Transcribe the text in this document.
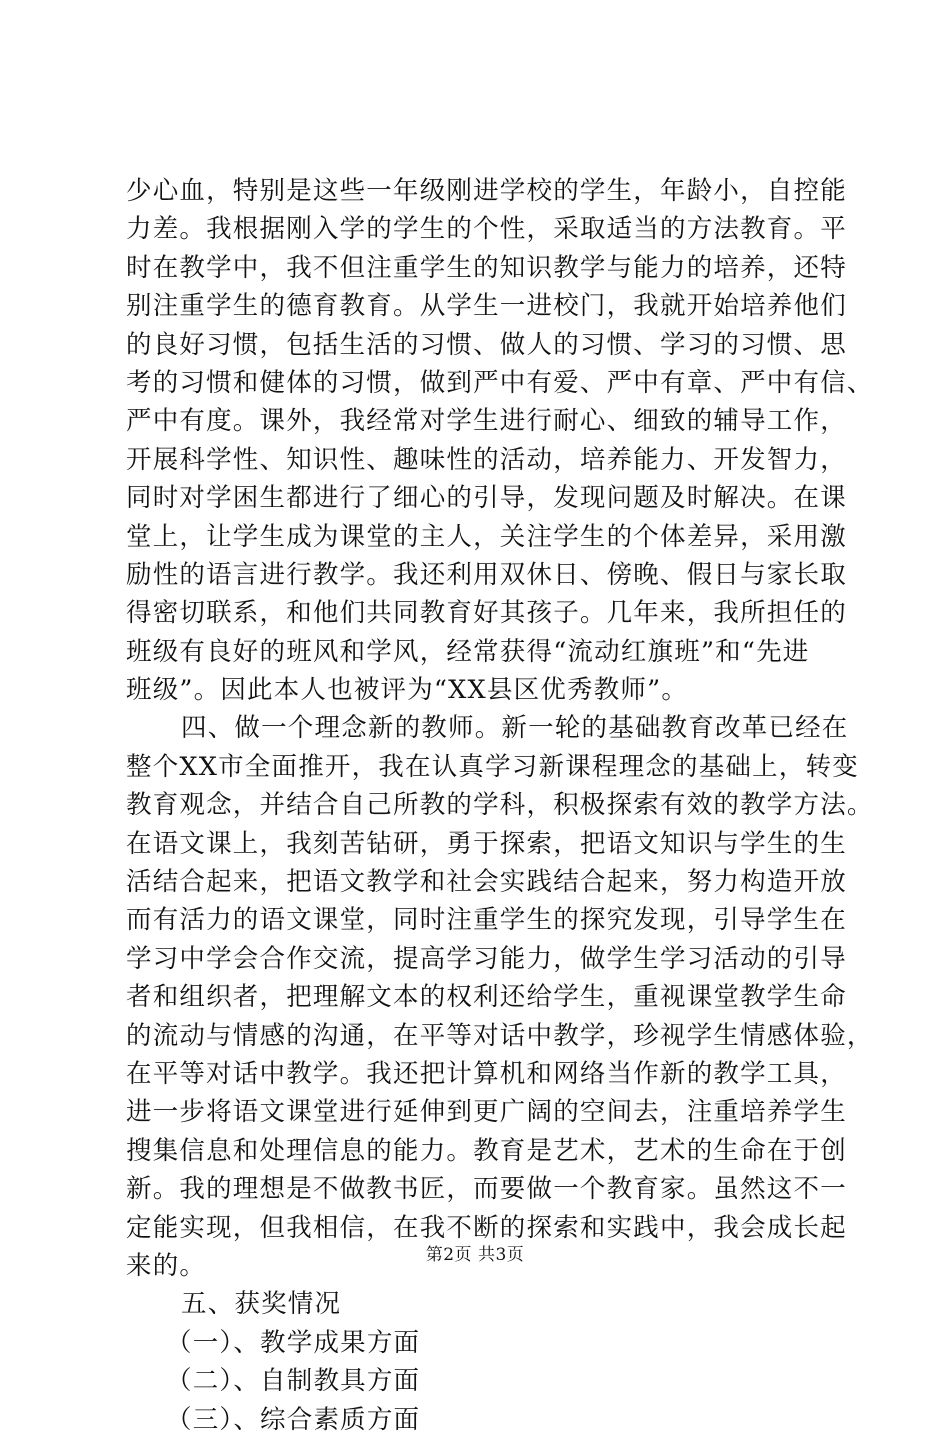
少心血，特别是这些一年级刚进学校的学生，年龄小，自控能
力差。我根据刚入学的学生的个性，采取适当的方法教育。平
时在教学中，我不但注重学生的知识教学与能力的培养，还特
别注重学生的德育教育。从学生一进校门，我就开始培养他们
的良好习惯，包括生活的习惯、做人的习惯、学习的习惯、思
考的习惯和健体的习惯，做到严中有爱、严中有章、严中有信、
严中有度。课外，我经常对学生进行耐心、细致的辅导工作，
开展科学性、知识性、趣味性的活动，培养能力、开发智力，
同时对学困生都进行了细心的引导，发现问题及时解决。在课
堂上，让学生成为课堂的主人，关注学生的个体差异，采用激
励性的语言进行教学。我还利用双休日、傍晚、假日与家长取
得密切联系，和他们共同教育好其孩子。几年来，我所担任的
班级有良好的班风和学风，经常获得“流动红旗班”和“先进
班级”。因此本人也被评为“XX县区优秀教师”。
四、做一个理念新的教师。新一轮的基础教育改革已经在
整个XX市全面推开，我在认真学习新课程理念的基础上，转变
教育观念，并结合自己所教的学科，积极探索有效的教学方法。
在语文课上，我刻苦钻研，勇于探索，把语文知识与学生的生
活结合起来，把语文教学和社会实践结合起来，努力构造开放
而有活力的语文课堂，同时注重学生的探究发现，引导学生在
学习中学会合作交流，提高学习能力，做学生学习活动的引导
者和组织者，把理解文本的权利还给学生，重视课堂教学生命
的流动与情感的沟通，在平等对话中教学，珍视学生情感体验，
在平等对话中教学。我还把计算机和网络当作新的教学工具，
进一步将语文课堂进行延伸到更广阔的空间去，注重培养学生
搜集信息和处理信息的能力。教育是艺术，艺术的生命在于创
新。我的理想是不做教书匠，而要做一个教育家。虽然这不一
定能实现，但我相信，在我不断的探索和实践中，我会成长起
来的。
五、获奖情况
（一）、教学成果方面
（二）、自制教具方面
（三）、综合素质方面
第2页 共3页
